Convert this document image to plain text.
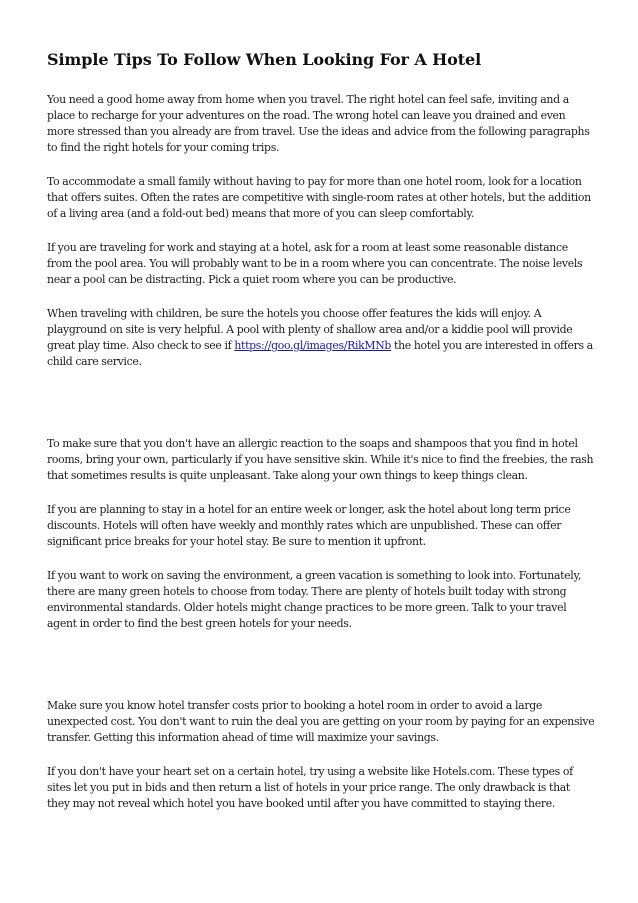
Simple Tips To Follow When Looking For A Hotel

You need a good home away from home when you travel. The right hotel can feel safe, inviting and a place to recharge for your adventures on the road. The wrong hotel can leave you drained and even more stressed than you already are from travel. Use the ideas and advice from the following paragraphs to find the right hotels for your coming trips.

To accommodate a small family without having to pay for more than one hotel room, look for a location that offers suites. Often the rates are competitive with single-room rates at other hotels, but the addition of a living area (and a fold-out bed) means that more of you can sleep comfortably.

If you are traveling for work and staying at a hotel, ask for a room at least some reasonable distance from the pool area. You will probably want to be in a room where you can concentrate. The noise levels near a pool can be distracting. Pick a quiet room where you can be productive.

When traveling with children, be sure the hotels you choose offer features the kids will enjoy. A playground on site is very helpful. A pool with plenty of shallow area and/or a kiddie pool will provide great play time. Also check to see if https://goo.gl/images/RikMNb the hotel you are interested in offers a child care service.

To make sure that you don't have an allergic reaction to the soaps and shampoos that you find in hotel rooms, bring your own, particularly if you have sensitive skin. While it's nice to find the freebies, the rash that sometimes results is quite unpleasant. Take along your own things to keep things clean.

If you are planning to stay in a hotel for an entire week or longer, ask the hotel about long term price discounts. Hotels will often have weekly and monthly rates which are unpublished. These can offer significant price breaks for your hotel stay. Be sure to mention it upfront.

If you want to work on saving the environment, a green vacation is something to look into. Fortunately, there are many green hotels to choose from today. There are plenty of hotels built today with strong environmental standards. Older hotels might change practices to be more green. Talk to your travel agent in order to find the best green hotels for your needs.

Make sure you know hotel transfer costs prior to booking a hotel room in order to avoid a large unexpected cost. You don't want to ruin the deal you are getting on your room by paying for an expensive transfer. Getting this information ahead of time will maximize your savings.

If you don't have your heart set on a certain hotel, try using a website like Hotels.com. These types of sites let you put in bids and then return a list of hotels in your price range. The only drawback is that they may not reveal which hotel you have booked until after you have committed to staying there.
